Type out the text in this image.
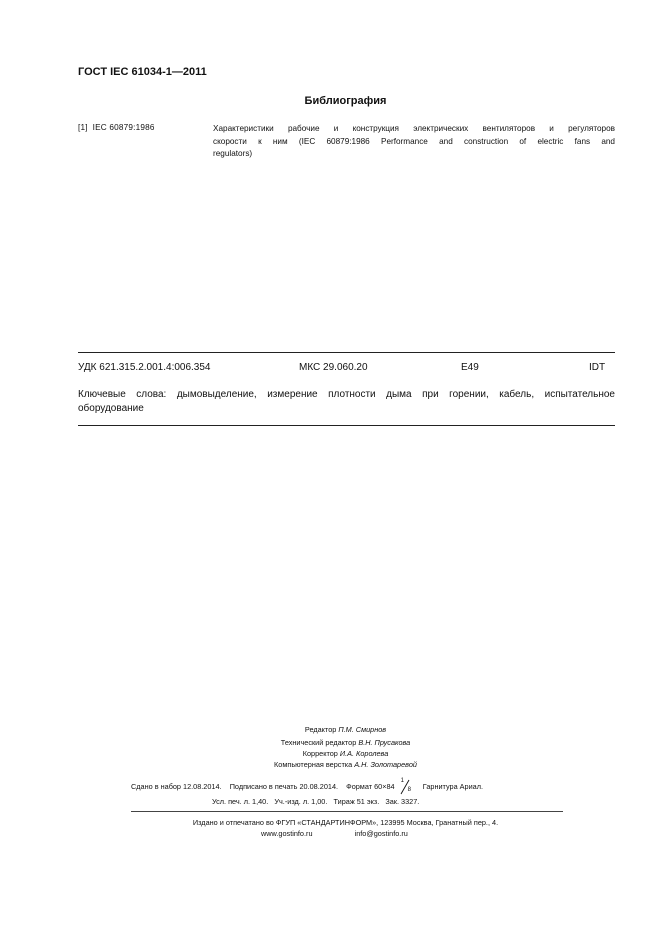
ГОСТ IEC 61034-1—2011
Библиография
[1] IEC 60879:1986	Характеристики рабочие и конструкция электрических вентиляторов и регуляторов
скорости к ним (IEC 60879:1986 Performance and construction of electric fans and
regulators)
УДК 621.315.2.001.4:006.354	МКС 29.060.20	E49	IDT
Ключевые слова: дымовыделение, измерение плотности дыма при горении, кабель, испытательное
оборудование
Редактор П.М. Смирнов
Технический редактор В.Н. Прусакова
Корректор И.А. Королева
Компьютерная верстка А.Н. Золотаревой
Сдано в набор 12.08.2014. Подписано в печать 20.08.2014. Формат 60×84
1
8 Гарнитура Ариал.
Усл. печ. л. 1,40. Уч.-изд. л. 1,00. Тираж 51 экз. Зак. 3327.
Издано и отпечатано во ФГУП «СТАНДАРТИНФОРМ», 123995 Москва, Гранатный пер., 4.
www.gostinfo.ru	info@gostinfo.ru
